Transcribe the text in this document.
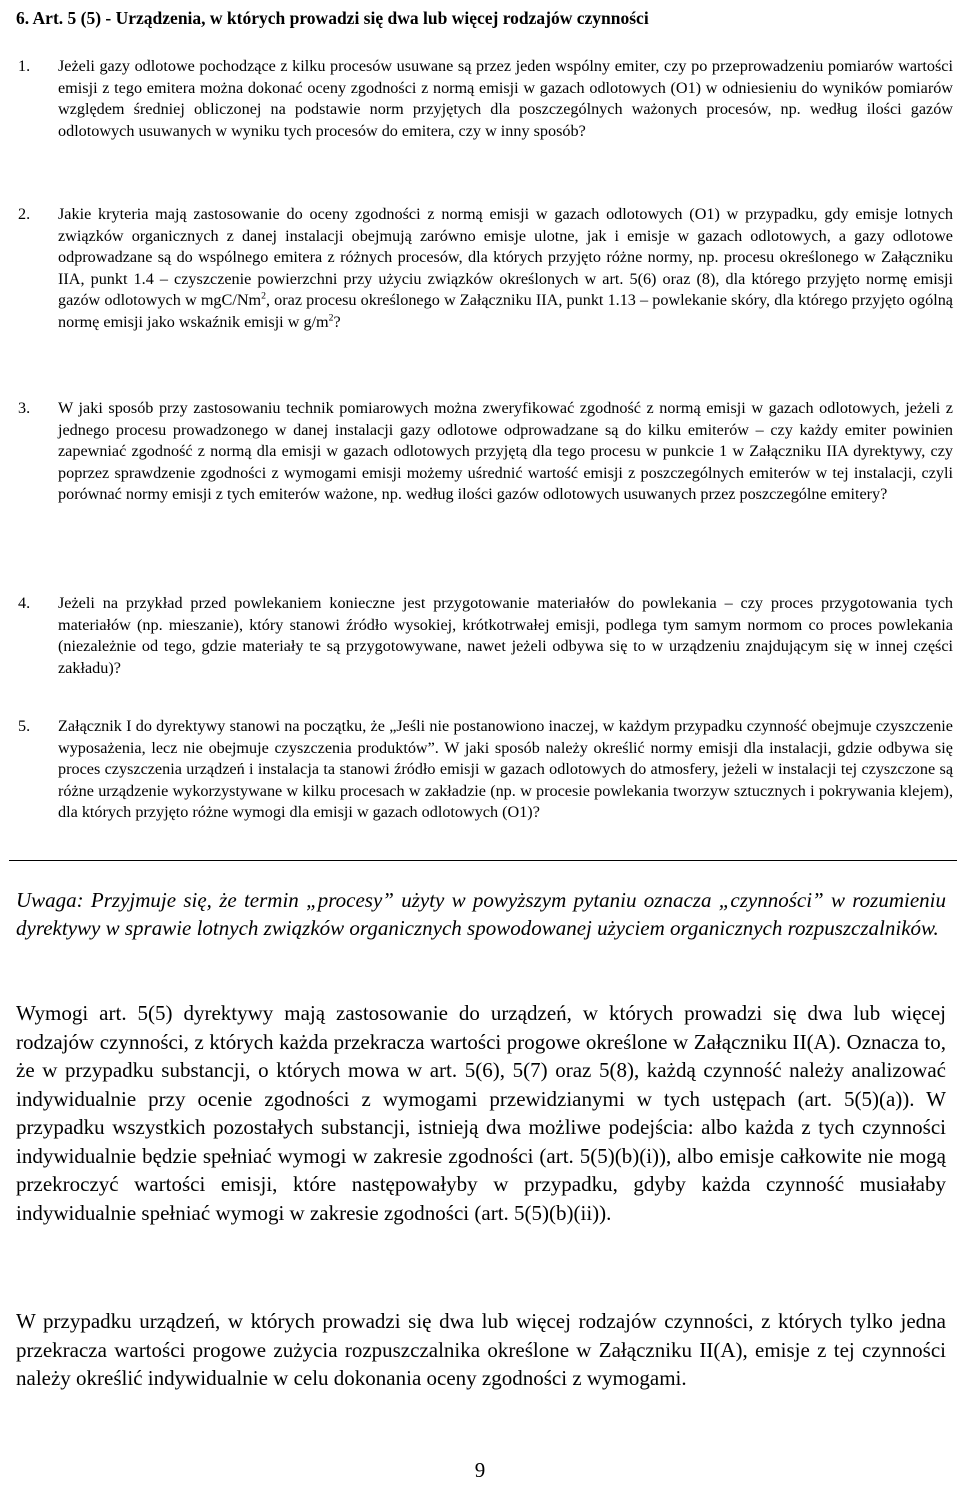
6. Art. 5 (5) - Urządzenia, w których prowadzi się dwa lub więcej rodzajów czynności
1.	Jeżeli gazy odlotowe pochodzące z kilku procesów usuwane są przez jeden wspólny emiter, czy po przeprowadzeniu pomiarów wartości emisji z tego emitera można dokonać oceny zgodności z normą emisji w gazach odlotowych (O1) w odniesieniu do wyników pomiarów względem średniej obliczonej na podstawie norm przyjętych dla poszczególnych ważonych procesów, np. według ilości gazów odlotowych usuwanych w wyniku tych procesów do emitera, czy w inny sposób?
2.	Jakie kryteria mają zastosowanie do oceny zgodności z normą emisji w gazach odlotowych (O1) w przypadku, gdy emisje lotnych związków organicznych z danej instalacji obejmują zarówno emisje ulotne, jak i emisje w gazach odlotowych, a gazy odlotowe odprowadzane są do wspólnego emitera z różnych procesów, dla których przyjęto różne normy, np. procesu określonego w Załączniku IIA, punkt 1.4 – czyszczenie powierzchni przy użyciu związków określonych w art. 5(6) oraz (8), dla którego przyjęto normę emisji gazów odlotowych w mgC/Nm$^2$, oraz procesu określonego w Załączniku IIA, punkt 1.13 – powlekanie skóry, dla którego przyjęto ogólną normę emisji jako wskaźnik emisji w $g/m^2$?
3.	W jaki sposób przy zastosowaniu technik pomiarowych można zweryfikować zgodność z normą emisji w gazach odlotowych, jeżeli z jednego procesu prowadzonego w danej instalacji gazy odlotowe odprowadzane są do kilku emiterów – czy każdy emiter powinien zapewniać zgodność z normą dla emisji w gazach odlotowych przyjętą dla tego procesu w punkcie 1 w Załączniku IIA dyrektywy, czy poprzez sprawdzenie zgodności z wymogami emisji możemy uśrednić wartość emisji z poszczególnych emiterów w tej instalacji, czyli porównać normy emisji z tych emiterów ważone, np. według ilości gazów odlotowych usuwanych przez poszczególne emitery?
4.	Jeżeli na przykład przed powlekaniem konieczne jest przygotowanie materiałów do powlekania – czy proces przygotowania tych materiałów (np. mieszanie), który stanowi źródło wysokiej, krótkotrwałej emisji, podlega tym samym normom co proces powlekania (niezależnie od tego, gdzie materiały te są przygotowywane, nawet jeżeli odbywa się to w urządzeniu znajdującym się w innej części zakładu)?
5.	Załącznik I do dyrektywy stanowi na początku, że „Jeśli nie postanowiono inaczej, w każdym przypadku czynność obejmuje czyszczenie wyposażenia, lecz nie obejmuje czyszczenia produktów”. W jaki sposób należy określić normy emisji dla instalacji, gdzie odbywa się proces czyszczenia urządzeń i instalacja ta stanowi źródło emisji w gazach odlotowych do atmosfery, jeżeli w instalacji tej czyszczone są różne urządzenie wykorzystywane w kilku procesach w zakładzie (np. w procesie powlekania tworzyw sztucznych i pokrywania klejem), dla których przyjęto różne wymogi dla emisji w gazach odlotowych (O1)?
Uwaga: Przyjmuje się, że termin „procesy” użyty w powyższym pytaniu oznacza „czynności” w rozumieniu dyrektywy w sprawie lotnych związków organicznych spowodowanej użyciem organicznych rozpuszczalników.
Wymogi art. 5(5) dyrektywy mają zastosowanie do urządzeń, w których prowadzi się dwa lub więcej rodzajów czynności, z których każda przekracza wartości progowe określone w Załączniku II(A). Oznacza to, że w przypadku substancji, o których mowa w art. 5(6), 5(7) oraz 5(8), każdą czynność należy analizować indywidualnie przy ocenie zgodności z wymogami przewidzianymi w tych ustępach (art. 5(5)(a)). W przypadku wszystkich pozostałych substancji, istnieją dwa możliwe podejścia: albo każda z tych czynności indywidualnie będzie spełniać wymogi w zakresie zgodności (art. 5(5)(b)(i)), albo emisje całkowite nie mogą przekroczyć wartości emisji, które następowałyby w przypadku, gdyby każda czynność musiałaby indywidualnie spełniać wymogi w zakresie zgodności (art. 5(5)(b)(ii)).
W przypadku urządzeń, w których prowadzi się dwa lub więcej rodzajów czynności, z których tylko jedna przekracza wartości progowe zużycia rozpuszczalnika określone w Załączniku II(A), emisje z tej czynności należy określić indywidualnie w celu dokonania oceny zgodności z wymogami.
9
